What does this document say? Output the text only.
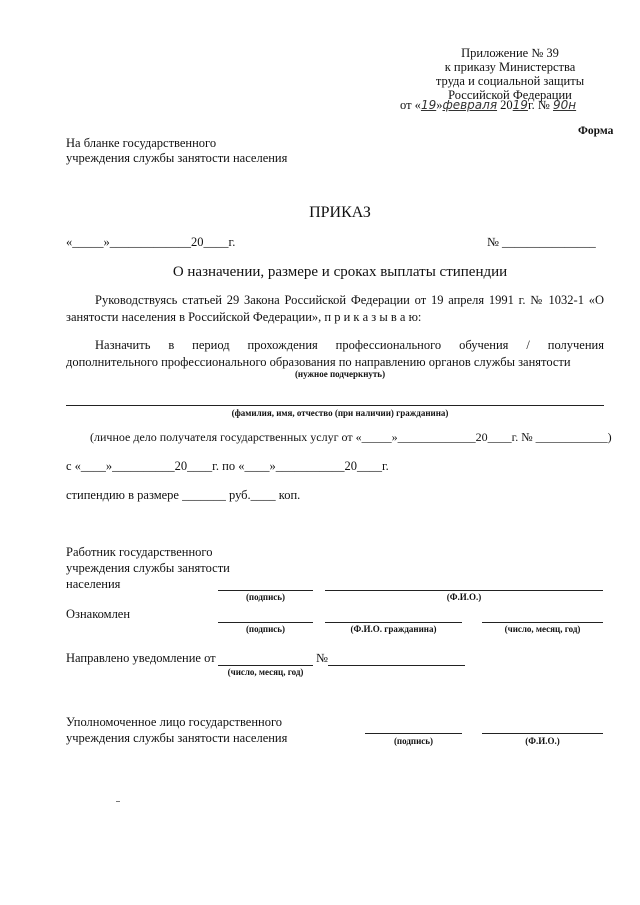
Приложение № 39
к приказу Министерства
труда и социальной защиты
Российской Федерации
от «19»февраля 2019г. № 90н
Форма
На бланке государственного
учреждения службы занятости населения
ПРИКАЗ
«_____»_____________20____г.	№ _______________
О назначении, размере и сроках выплаты стипендии
Руководствуясь статьей 29 Закона Российской Федерации от 19 апреля 1991 г. № 1032-1 «О
занятости населения в Российской Федерации», п р и к а з ы в а ю:
Назначить в период прохождения профессионального обучения / получения
дополнительного профессионального образования по направлению органов службы занятости
(нужное подчеркнуть)
(фамилия, имя, отчество (при наличии) гражданина)
(личное дело получателя государственных услуг от «_____»_____________20____г. № ____________)
с «____»__________20____г. по «____»___________20____г.
стипендию в размере _______ руб.____ коп.
Работник государственного
учреждения службы занятости
населения
(подпись)	(Ф.И.О.)
Ознакомлен
(подпись)	(Ф.И.О. гражданина)	(число, месяц, год)
Направлено уведомление от	№
(число, месяц, год)
Уполномоченное лицо государственного
учреждения службы занятости населения	(подпись)	(Ф.И.О.)
